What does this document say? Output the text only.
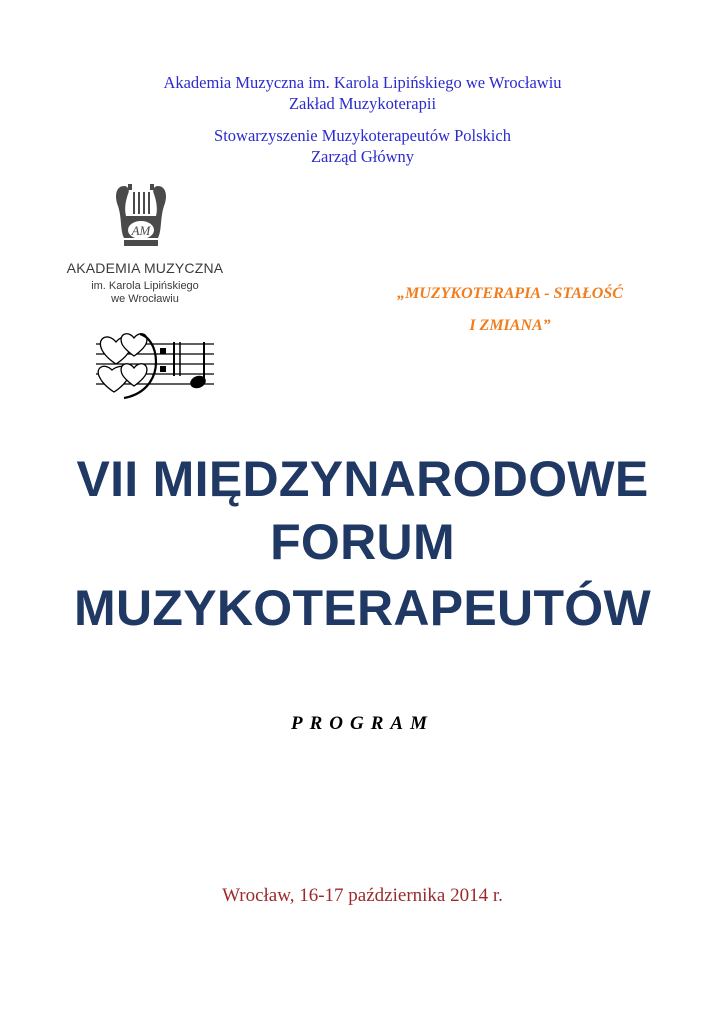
Akademia Muzyczna im. Karola Lipińskiego we Wrocławiu
Zakład Muzykoterapii
Stowarzyszenie Muzykoterapeutów Polskich
Zarząd Główny
AM
AKADEMIA MUZYCZNA
im. Karola Lipińskiego
we Wrocławiu	„MUZYKOTERAPIA - STAŁOŚĆ
I ZMIANA”
VII MIĘDZYNARODOWE
FORUM
MUZYKOTERAPEUTÓW
PROGRAM
Wrocław, 16-17 października 2014 r.
